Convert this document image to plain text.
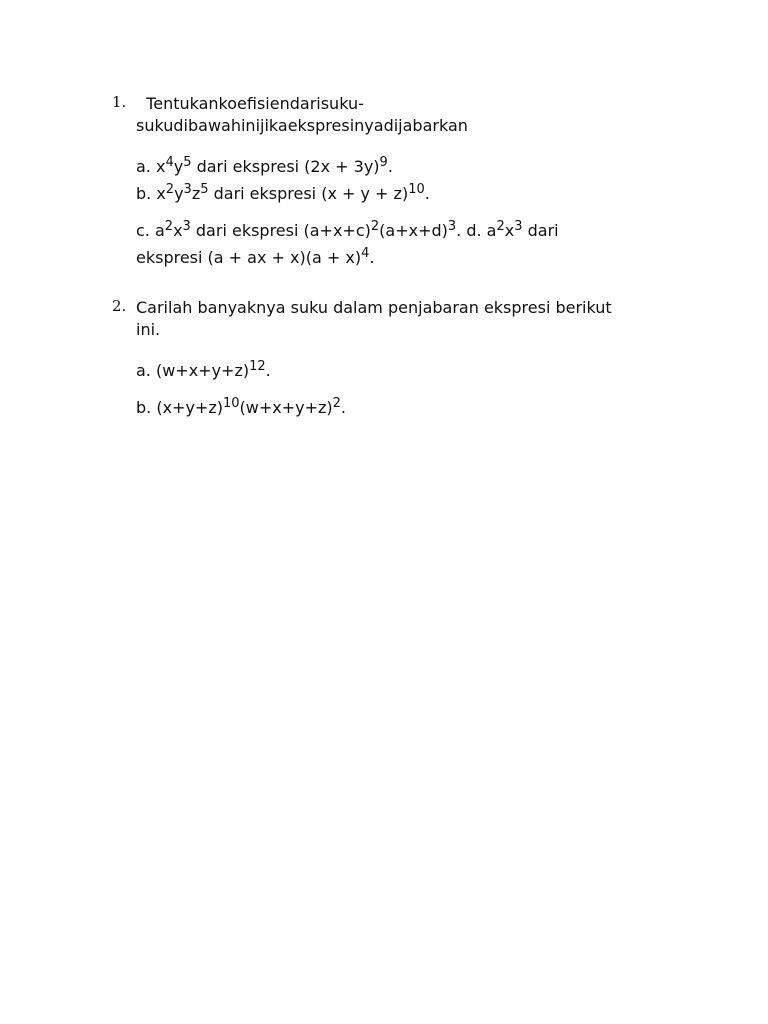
1.	Tentukankoefisiendarisuku-
sukudibawahinijikaekspresinyadijabarkan
a. $x^4y^5$ dari ekspresi $(2x + 3y)^9$.
b. $x^2y^3z^5$ dari ekspresi $(x + y + z)^{10}$.
c. $a^2x^3$ dari ekspresi $(a+x+c)^2(a+x+d)^3$. d. $a^2x^3$ dari
ekspresi (a + ax + $x)(a + x)^4$.
2. Carilah banyaknya suku dalam penjabaran ekspresi berikut
ini.
a. $(w+x+y+z)^{12}$.
b. $(x+y+z)^{10}(w+x+y+z)^2$.
